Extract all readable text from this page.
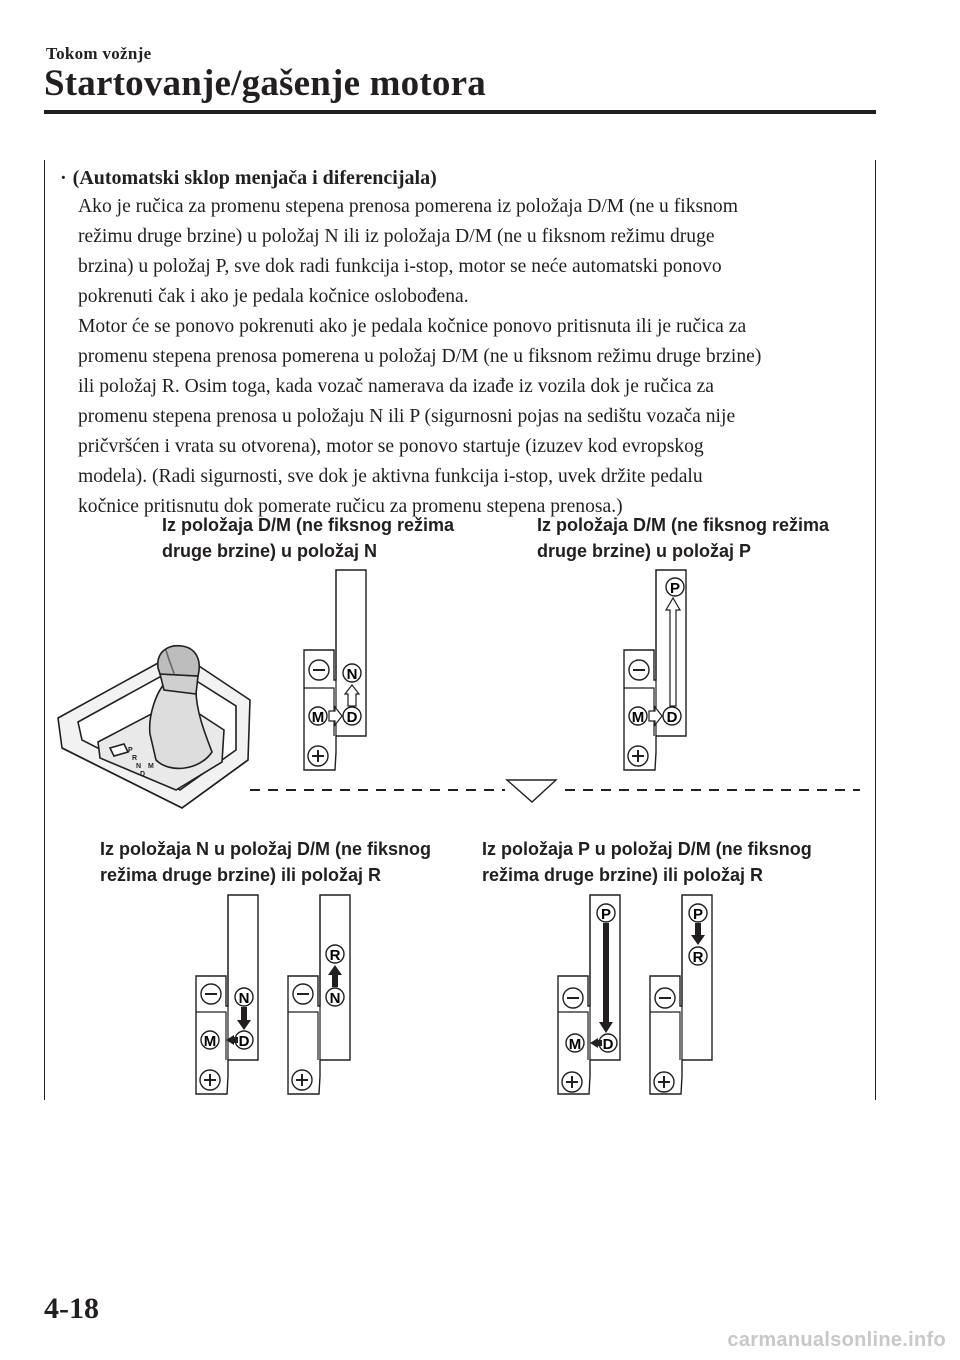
Tokom vožnje
Startovanje/gašenje motora
· (Automatski sklop menjača i diferencijala)
Ako je ručica za promenu stepena prenosa pomerena iz položaja D/M (ne u fiksnom
režimu druge brzine) u položaj N ili iz položaja D/M (ne u fiksnom režimu druge
brzina) u položaj P, sve dok radi funkcija i-stop, motor se neće automatski ponovo
pokrenuti čak i ako je pedala kočnice oslobođena.
Motor će se ponovo pokrenuti ako je pedala kočnice ponovo pritisnuta ili je ručica za
promenu stepena prenosa pomerena u položaj D/M (ne u fiksnom režimu druge brzine)
ili položaj R. Osim toga, kada vozač namerava da izađe iz vozila dok je ručica za
promenu stepena prenosa u položaju N ili P (sigurnosni pojas na sedištu vozača nije
pričvršćen i vrata su otvorena), motor se ponovo startuje (izuzev kod evropskog
modela). (Radi sigurnosti, sve dok je aktivna funkcija i-stop, uvek držite pedalu
kočnice pritisnutu dok pomerate ručicu za promenu stepena prenosa.)
Iz položaja D/M (ne fiksnog režima
druge brzine) u položaj N
Iz položaja D/M (ne fiksnog režima
druge brzine) u položaj P
Iz položaja N u položaj D/M (ne fiksnog
režima druge brzine) ili položaj R
Iz položaja P u položaj D/M (ne fiksnog
režima druge brzine) ili položaj R
P
R
N
D
M
N
D
M
P
D
M
N
D
M
R
N
P
D
M
P
R
4-18
carmanualsonline.info
